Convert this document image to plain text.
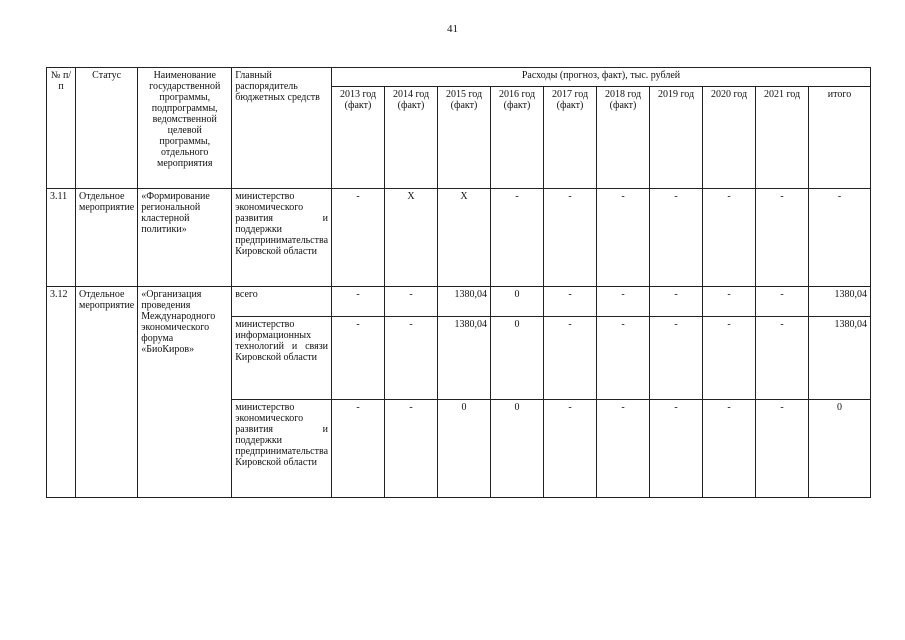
41
№ п/п	Статус	Наименование государственной программы, подпрограммы, ведомственной целевой программы, отдельного мероприятия	Главный распорядитель бюджетных средств	Расходы (прогноз, факт), тыс. рублей									
				2013 год (факт)	2014 год (факт)	2015 год (факт)	2016 год (факт)	2017 год (факт)	2018 год (факт)	2019 год	2020 год	2021 год	итого
3.11	Отдельное мероприятие	«Формирование региональной кластерной политики»	министерство экономического развития и поддержки предпринимательства Кировской области	-	Х	Х	-	-	-	-	-	-	-
3.12	Отдельное мероприятие	«Организация проведения Международного экономического форума «БиоКиров»	всего	-	-	1380,04	0	-	-	-	-	-	1380,04
			министерство информационных технологий и связи Кировской области	-	-	1380,04	0	-	-	-	-	-	1380,04
			министерство экономического развития и поддержки предпринимательства Кировской области	-	-	0	0	-	-	-	-	-	0
